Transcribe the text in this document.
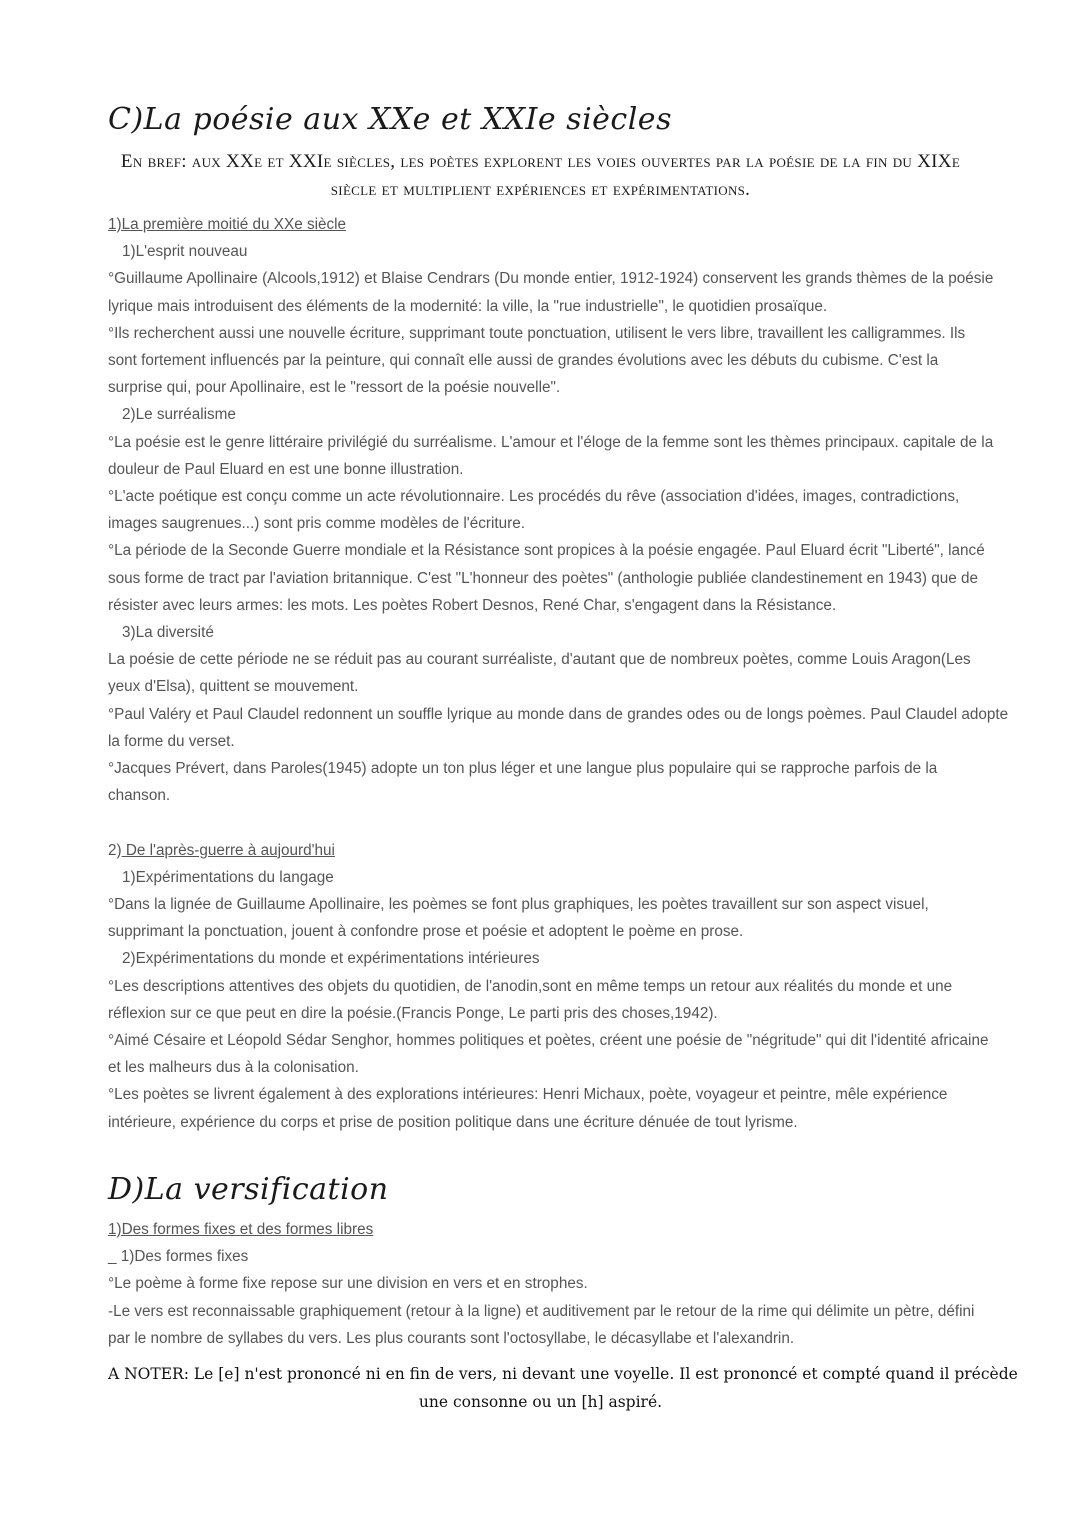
C)La poésie aux XXe et XXIe siècles
En bref: aux XXe et XXIe siècles, les poètes explorent les voies ouvertes par la poésie de la fin du XIXe siècle et multiplient expériences et expérimentations.
1)La première moitié du XXe siècle
1)L'esprit nouveau
°Guillaume Apollinaire (Alcools,1912) et Blaise Cendrars (Du monde entier, 1912-1924) conservent les grands thèmes de la poésie
lyrique mais introduisent des éléments de la modernité: la ville, la "rue industrielle", le quotidien prosaïque.
°Ils recherchent aussi une nouvelle écriture, supprimant toute ponctuation, utilisent le vers libre, travaillent les calligrammes. Ils
sont fortement influencés par la peinture, qui connaît elle aussi de grandes évolutions avec les débuts du cubisme. C'est la
surprise qui, pour Apollinaire, est le "ressort de la poésie nouvelle".
2)Le surréalisme
°La poésie est le genre littéraire privilégié du surréalisme. L'amour et l'éloge de la femme sont les thèmes principaux. capitale de la
douleur de Paul Eluard en est une bonne illustration.
°L'acte poétique est conçu comme un acte révolutionnaire. Les procédés du rêve (association d'idées, images, contradictions,
images saugrenues...) sont pris comme modèles de l'écriture.
°La période de la Seconde Guerre mondiale et la Résistance sont propices à la poésie engagée. Paul Eluard écrit "Liberté", lancé
sous forme de tract par l'aviation britannique. C'est "L'honneur des poètes" (anthologie publiée clandestinement en 1943) que de
résister avec leurs armes: les mots. Les poètes Robert Desnos, René Char, s'engagent dans la Résistance.
3)La diversité
La poésie de cette période ne se réduit pas au courant surréaliste, d'autant que de nombreux poètes, comme Louis Aragon(Les
yeux d'Elsa), quittent se mouvement.
°Paul Valéry et Paul Claudel redonnent un souffle lyrique au monde dans de grandes odes ou de longs poèmes. Paul Claudel adopte
la forme du verset.
°Jacques Prévert, dans Paroles(1945) adopte un ton plus léger et une langue plus populaire qui se rapproche parfois de la
chanson.
2) De l'après-guerre à aujourd'hui
1)Expérimentations du langage
°Dans la lignée de Guillaume Apollinaire, les poèmes se font plus graphiques, les poètes travaillent sur son aspect visuel,
supprimant la ponctuation, jouent à confondre prose et poésie et adoptent le poème en prose.
2)Expérimentations du monde et expérimentations intérieures
°Les descriptions attentives des objets du quotidien, de l'anodin,sont en même temps un retour aux réalités du monde et une
réflexion sur ce que peut en dire la poésie.(Francis Ponge, Le parti pris des choses,1942).
°Aimé Césaire et Léopold Sédar Senghor, hommes politiques et poètes, créent une poésie de "négritude" qui dit l'identité africaine
et les malheurs dus à la colonisation.
°Les poètes se livrent également à des explorations intérieures: Henri Michaux, poète, voyageur et peintre, mêle expérience
intérieure, expérience du corps et prise de position politique dans une écriture dénuée de tout lyrisme.
D)La versification
1)Des formes fixes et des formes libres
_ 1)Des formes fixes
°Le poème à forme fixe repose sur une division en vers et en strophes.
-Le vers est reconnaissable graphiquement (retour à la ligne) et auditivement par le retour de la rime qui délimite un pètre, défini
par le nombre de syllabes du vers. Les plus courants sont l'octosyllabe, le décasyllabe et l'alexandrin.
A NOTER: Le [e] n'est prononcé ni en fin de vers, ni devant une voyelle. Il est prononcé et compté quand il précède
une consonne ou un [h] aspiré.
